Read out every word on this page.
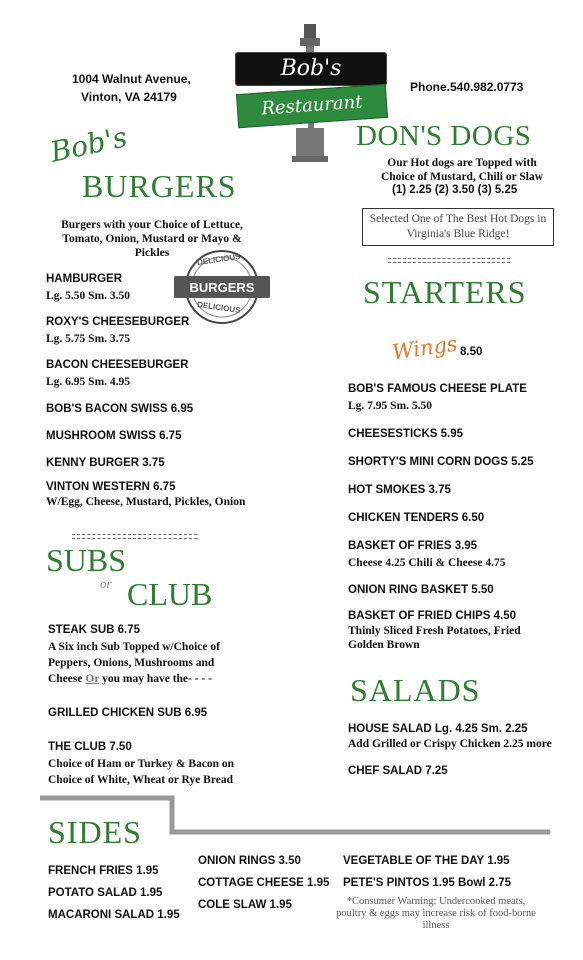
1004 Walnut Avenue,
Vinton, VA 24179
Bob's
Restaurant
Phone.540.982.0773
Bob's
BURGERS
Burgers with your Choice of Lettuce, Tomato, Onion, Mustard or Mayo & Pickles	DELICIOUS
BURGERS
DELICIOUS
HAMBURGER
Lg. 5.50 Sm. 3.50
ROXY'S CHEESEBURGER
Lg. 5.75 Sm. 3.75
BACON CHEESEBURGER
Lg. 6.95 Sm. 4.95
BOB'S BACON SWISS 6.95
MUSHROOM SWISS 6.75
KENNY BURGER 3.75
VINTON WESTERN 6.75
W/Egg, Cheese, Mustard, Pickles, Onion
SUBS
or CLUB
STEAK SUB 6.75
A Six inch Sub Topped w/Choice of Peppers, Onions, Mushrooms and Cheese Or you may have the- - - -
GRILLED CHICKEN SUB 6.95
THE CLUB 7.50
Choice of Ham or Turkey & Bacon on Choice of White, Wheat or Rye Bread
DON'S DOGS
Our Hot dogs are Topped with Choice of Mustard, Chili or Slaw
(1) 2.25 (2) 3.50 (3) 5.25
Selected One of The Best Hot Dogs in Virginia's Blue Ridge!
STARTERS
Wings 8.50
BOB'S FAMOUS CHEESE PLATE
Lg. 7.95 Sm. 5.50
CHEESESTICKS 5.95
SHORTY'S MINI CORN DOGS 5.25
HOT SMOKES 3.75
CHICKEN TENDERS 6.50
BASKET OF FRIES 3.95
Cheese 4.25 Chili & Cheese 4.75
ONION RING BASKET 5.50
BASKET OF FRIED CHIPS 4.50
Thinly Sliced Fresh Potatoes, Fried Golden Brown
SALADS
HOUSE SALAD Lg. 4.25 Sm. 2.25
Add Grilled or Crispy Chicken 2.25 more
CHEF SALAD 7.25
SIDES
FRENCH FRIES 1.95
POTATO SALAD 1.95
MACARONI SALAD 1.95
ONION RINGS 3.50
COTTAGE CHEESE 1.95
COLE SLAW 1.95
VEGETABLE OF THE DAY 1.95
PETE'S PINTOS 1.95 Bowl 2.75
*Consumer Warning: Undercooked meats, poultry & eggs may increase risk of food-borne illness
